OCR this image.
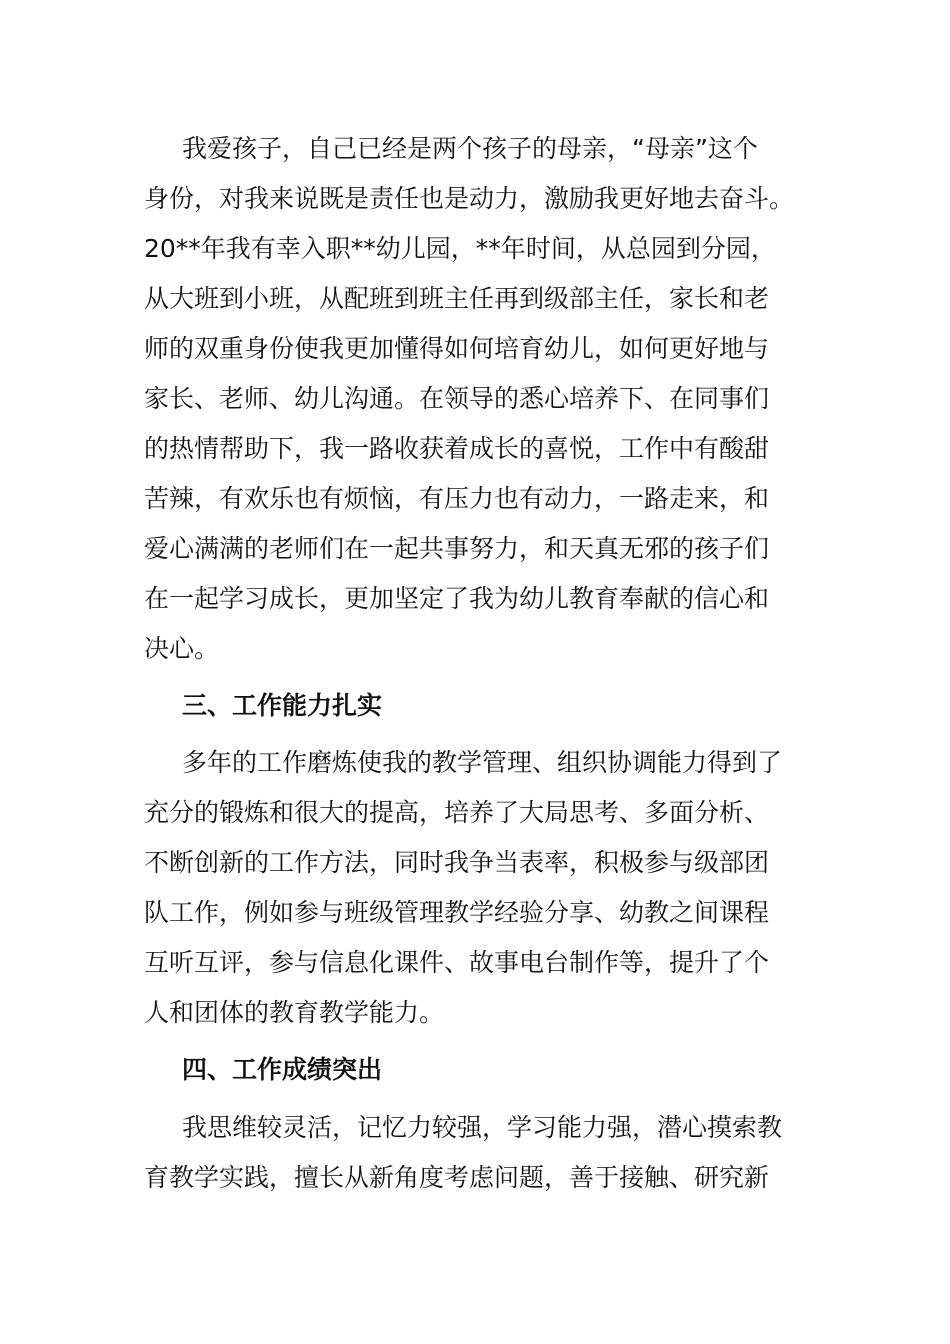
我爱孩子，自己已经是两个孩子的母亲，“母亲”这个
身份，对我来说既是责任也是动力，激励我更好地去奋斗。
20**年我有幸入职**幼儿园，**年时间，从总园到分园，
从大班到小班，从配班到班主任再到级部主任，家长和老
师的双重身份使我更加懂得如何培育幼儿，如何更好地与
家长、老师、幼儿沟通。在领导的悉心培养下、在同事们
的热情帮助下，我一路收获着成长的喜悦，工作中有酸甜
苦辣，有欢乐也有烦恼，有压力也有动力，一路走来，和
爱心满满的老师们在一起共事努力，和天真无邪的孩子们
在一起学习成长，更加坚定了我为幼儿教育奉献的信心和
决心。
三、工作能力扎实
多年的工作磨炼使我的教学管理、组织协调能力得到了
充分的锻炼和很大的提高，培养了大局思考、多面分析、
不断创新的工作方法，同时我争当表率，积极参与级部团
队工作，例如参与班级管理教学经验分享、幼教之间课程
互听互评，参与信息化课件、故事电台制作等，提升了个
人和团体的教育教学能力。
四、工作成绩突出
我思维较灵活，记忆力较强，学习能力强，潜心摸索教
育教学实践，擅长从新角度考虑问题，善于接触、研究新
